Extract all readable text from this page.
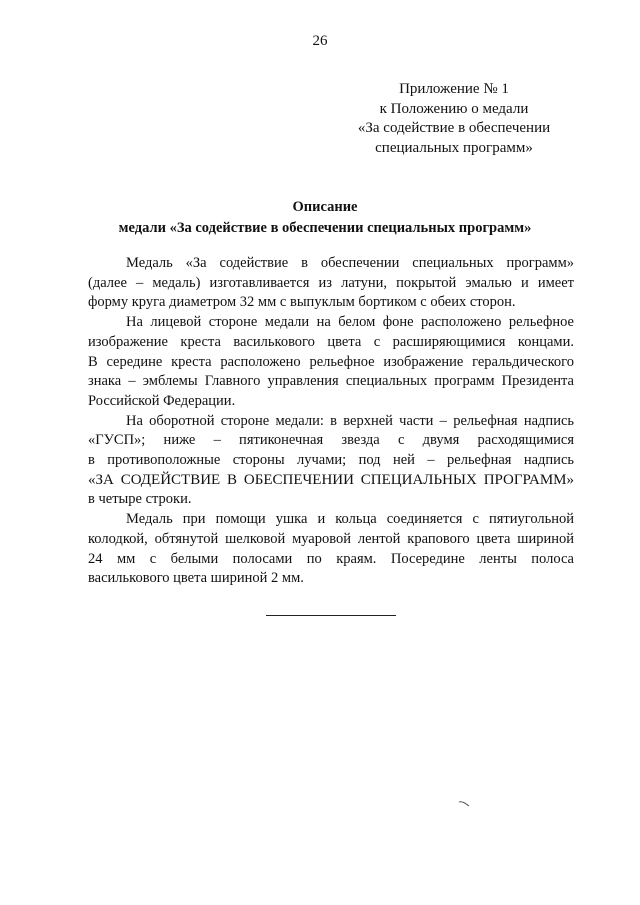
26
Приложение № 1
к Положению о медали
«За содействие в обеспечении
специальных программ»
Описание
медали «За содействие в обеспечении специальных программ»
Медаль «За содействие в обеспечении специальных программ»
(далее – медаль) изготавливается из латуни, покрытой эмалью и имеет
форму круга диаметром 32 мм с выпуклым бортиком с обеих сторон.
На лицевой стороне медали на белом фоне расположено рельефное
изображение креста василькового цвета с расширяющимися концами.
В середине креста расположено рельефное изображение геральдического
знака – эмблемы Главного управления специальных программ Президента
Российской Федерации.
На оборотной стороне медали: в верхней части – рельефная надпись
«ГУСП»; ниже – пятиконечная звезда с двумя расходящимися
в противоположные стороны лучами; под ней – рельефная надпись
«ЗА СОДЕЙСТВИЕ В ОБЕСПЕЧЕНИИ СПЕЦИАЛЬНЫХ ПРОГРАММ»
в четыре строки.
Медаль при помощи ушка и кольца соединяется с пятиугольной
колодкой, обтянутой шелковой муаровой лентой крапового цвета шириной
24 мм с белыми полосами по краям. Посередине ленты полоса
василькового цвета шириной 2 мм.
